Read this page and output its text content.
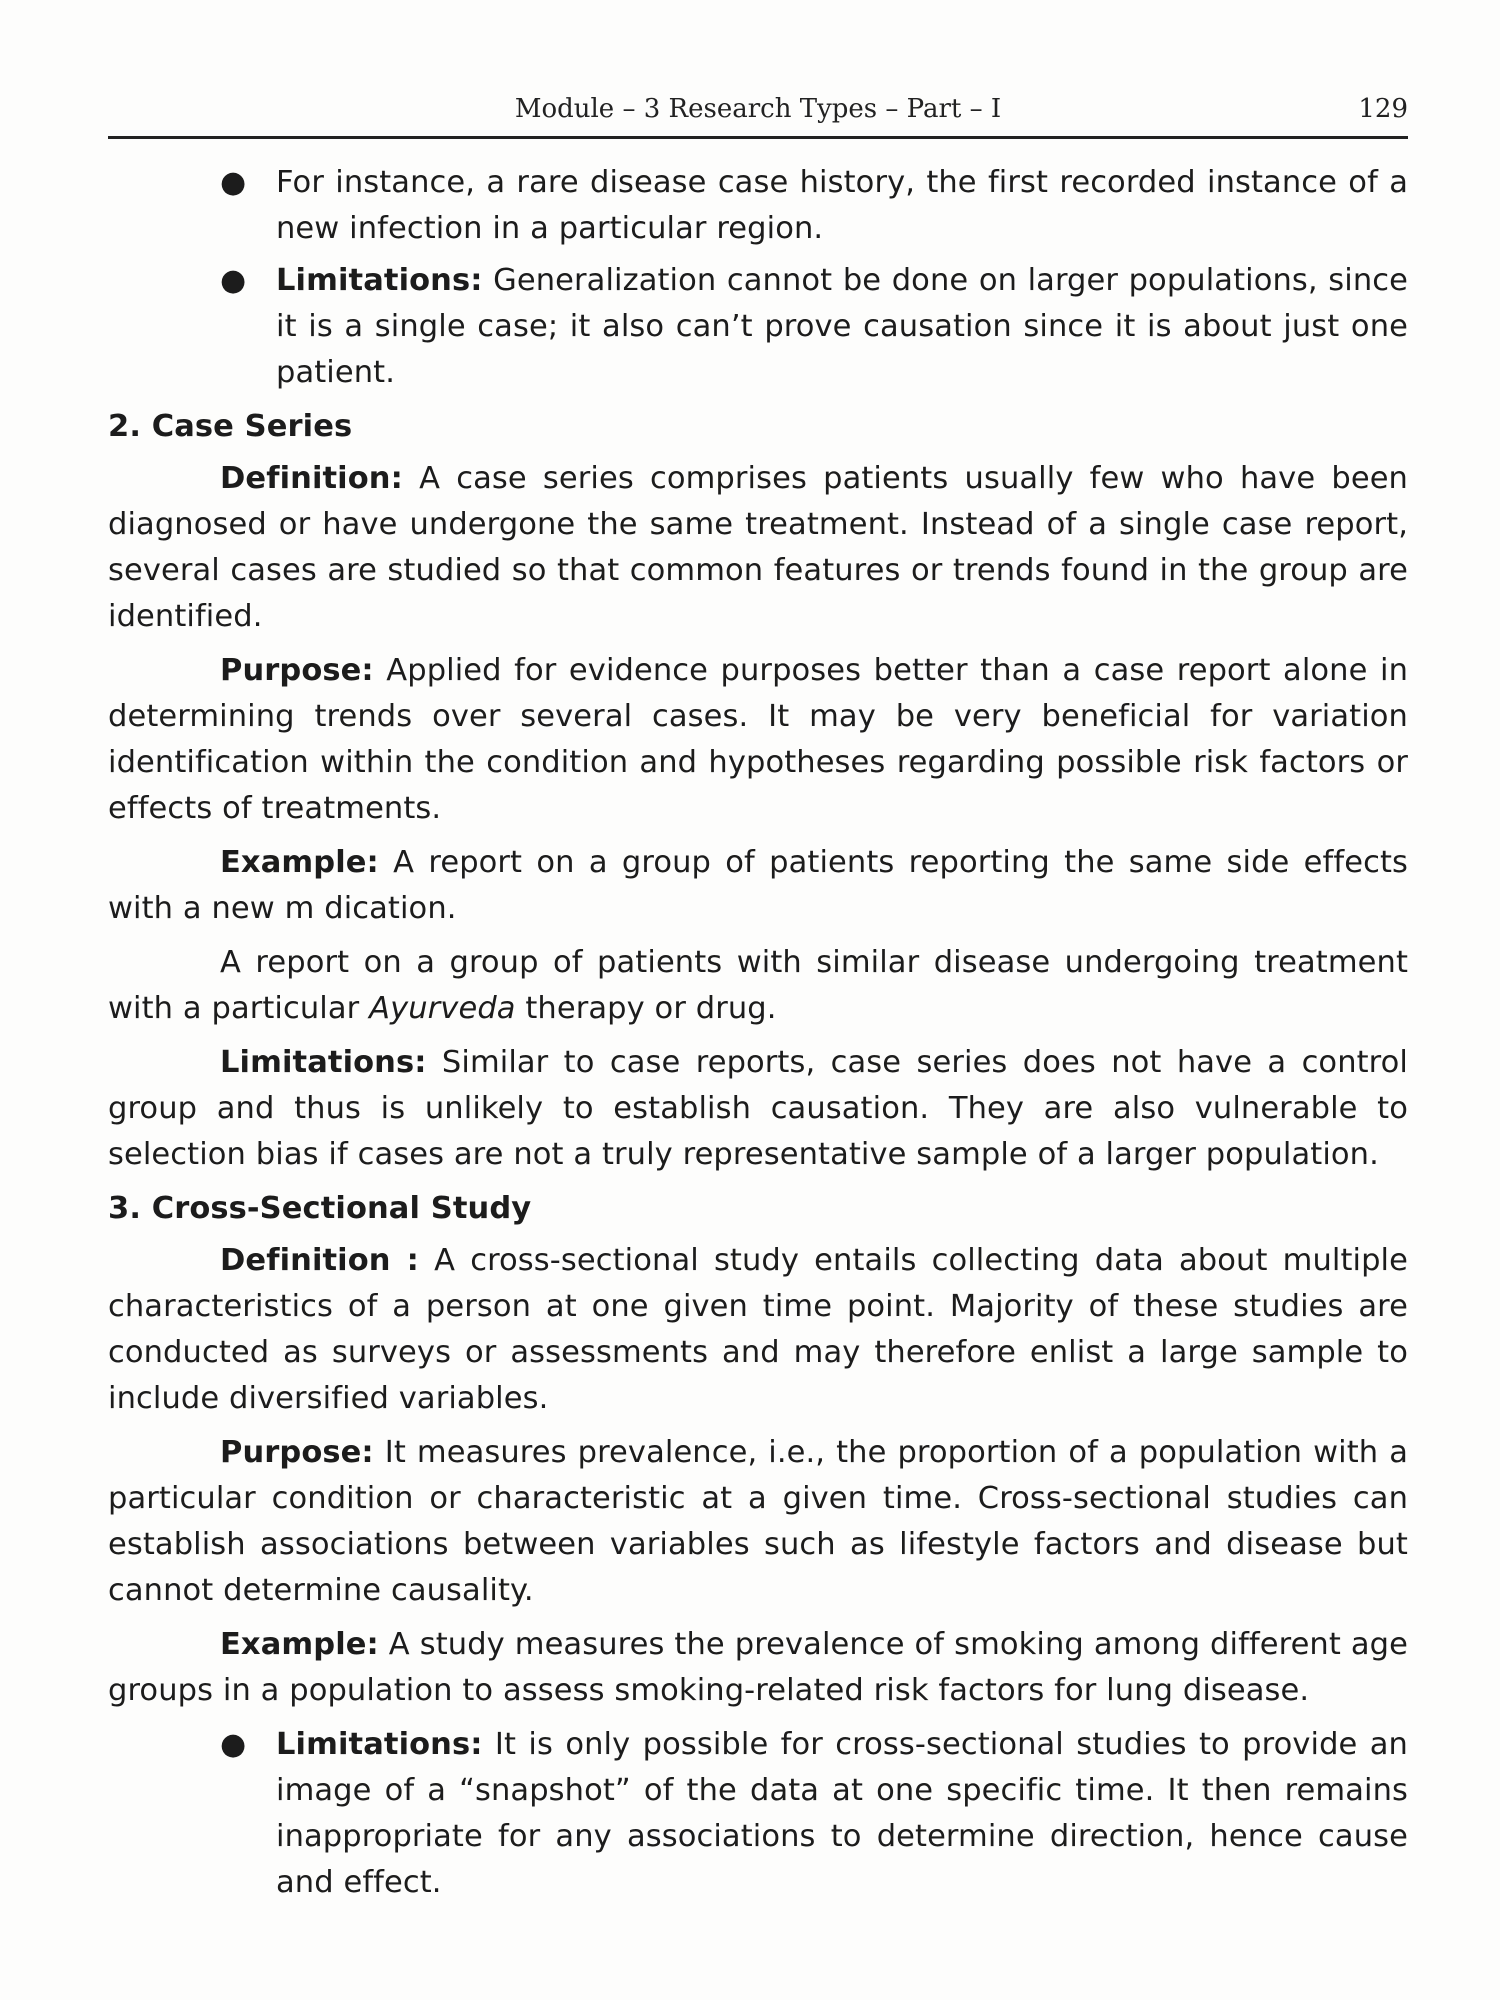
Module – 3 Research Types – Part – I	129
● For instance, a rare disease case history, the first recorded instance of a new infection in a particular region.
● Limitations: Generalization cannot be done on larger populations, since it is a single case; it also can’t prove causation since it is about just one patient.
2. Case Series

Definition: A case series comprises patients usually few who have been diagnosed or have undergone the same treatment. Instead of a single case report, several cases are studied so that common features or trends found in the group are identified.

Purpose: Applied for evidence purposes better than a case report alone in determining trends over several cases. It may be very beneficial for variation identification within the condition and hypotheses regarding possible risk factors or effects of treatments.

Example: A report on a group of patients reporting the same side effects with a new m dication.

A report on a group of patients with similar disease undergoing treatment with a particular Ayurveda therapy or drug.

Limitations: Similar to case reports, case series does not have a control group and thus is unlikely to establish causation. They are also vulnerable to selection bias if cases are not a truly representative sample of a larger population.

3. Cross-Sectional Study

Definition : A cross-sectional study entails collecting data about multiple characteristics of a person at one given time point. Majority of these studies are conducted as surveys or assessments and may therefore enlist a large sample to include diversified variables.

Purpose: It measures prevalence, i.e., the proportion of a population with a particular condition or characteristic at a given time. Cross-sectional studies can establish associations between variables such as lifestyle factors and disease but cannot determine causality.

Example: A study measures the prevalence of smoking among different age groups in a population to assess smoking-related risk factors for lung disease.

● Limitations: It is only possible for cross-sectional studies to provide an image of a “snapshot” of the data at one specific time. It then remains inappropriate for any associations to determine direction, hence cause and effect.
